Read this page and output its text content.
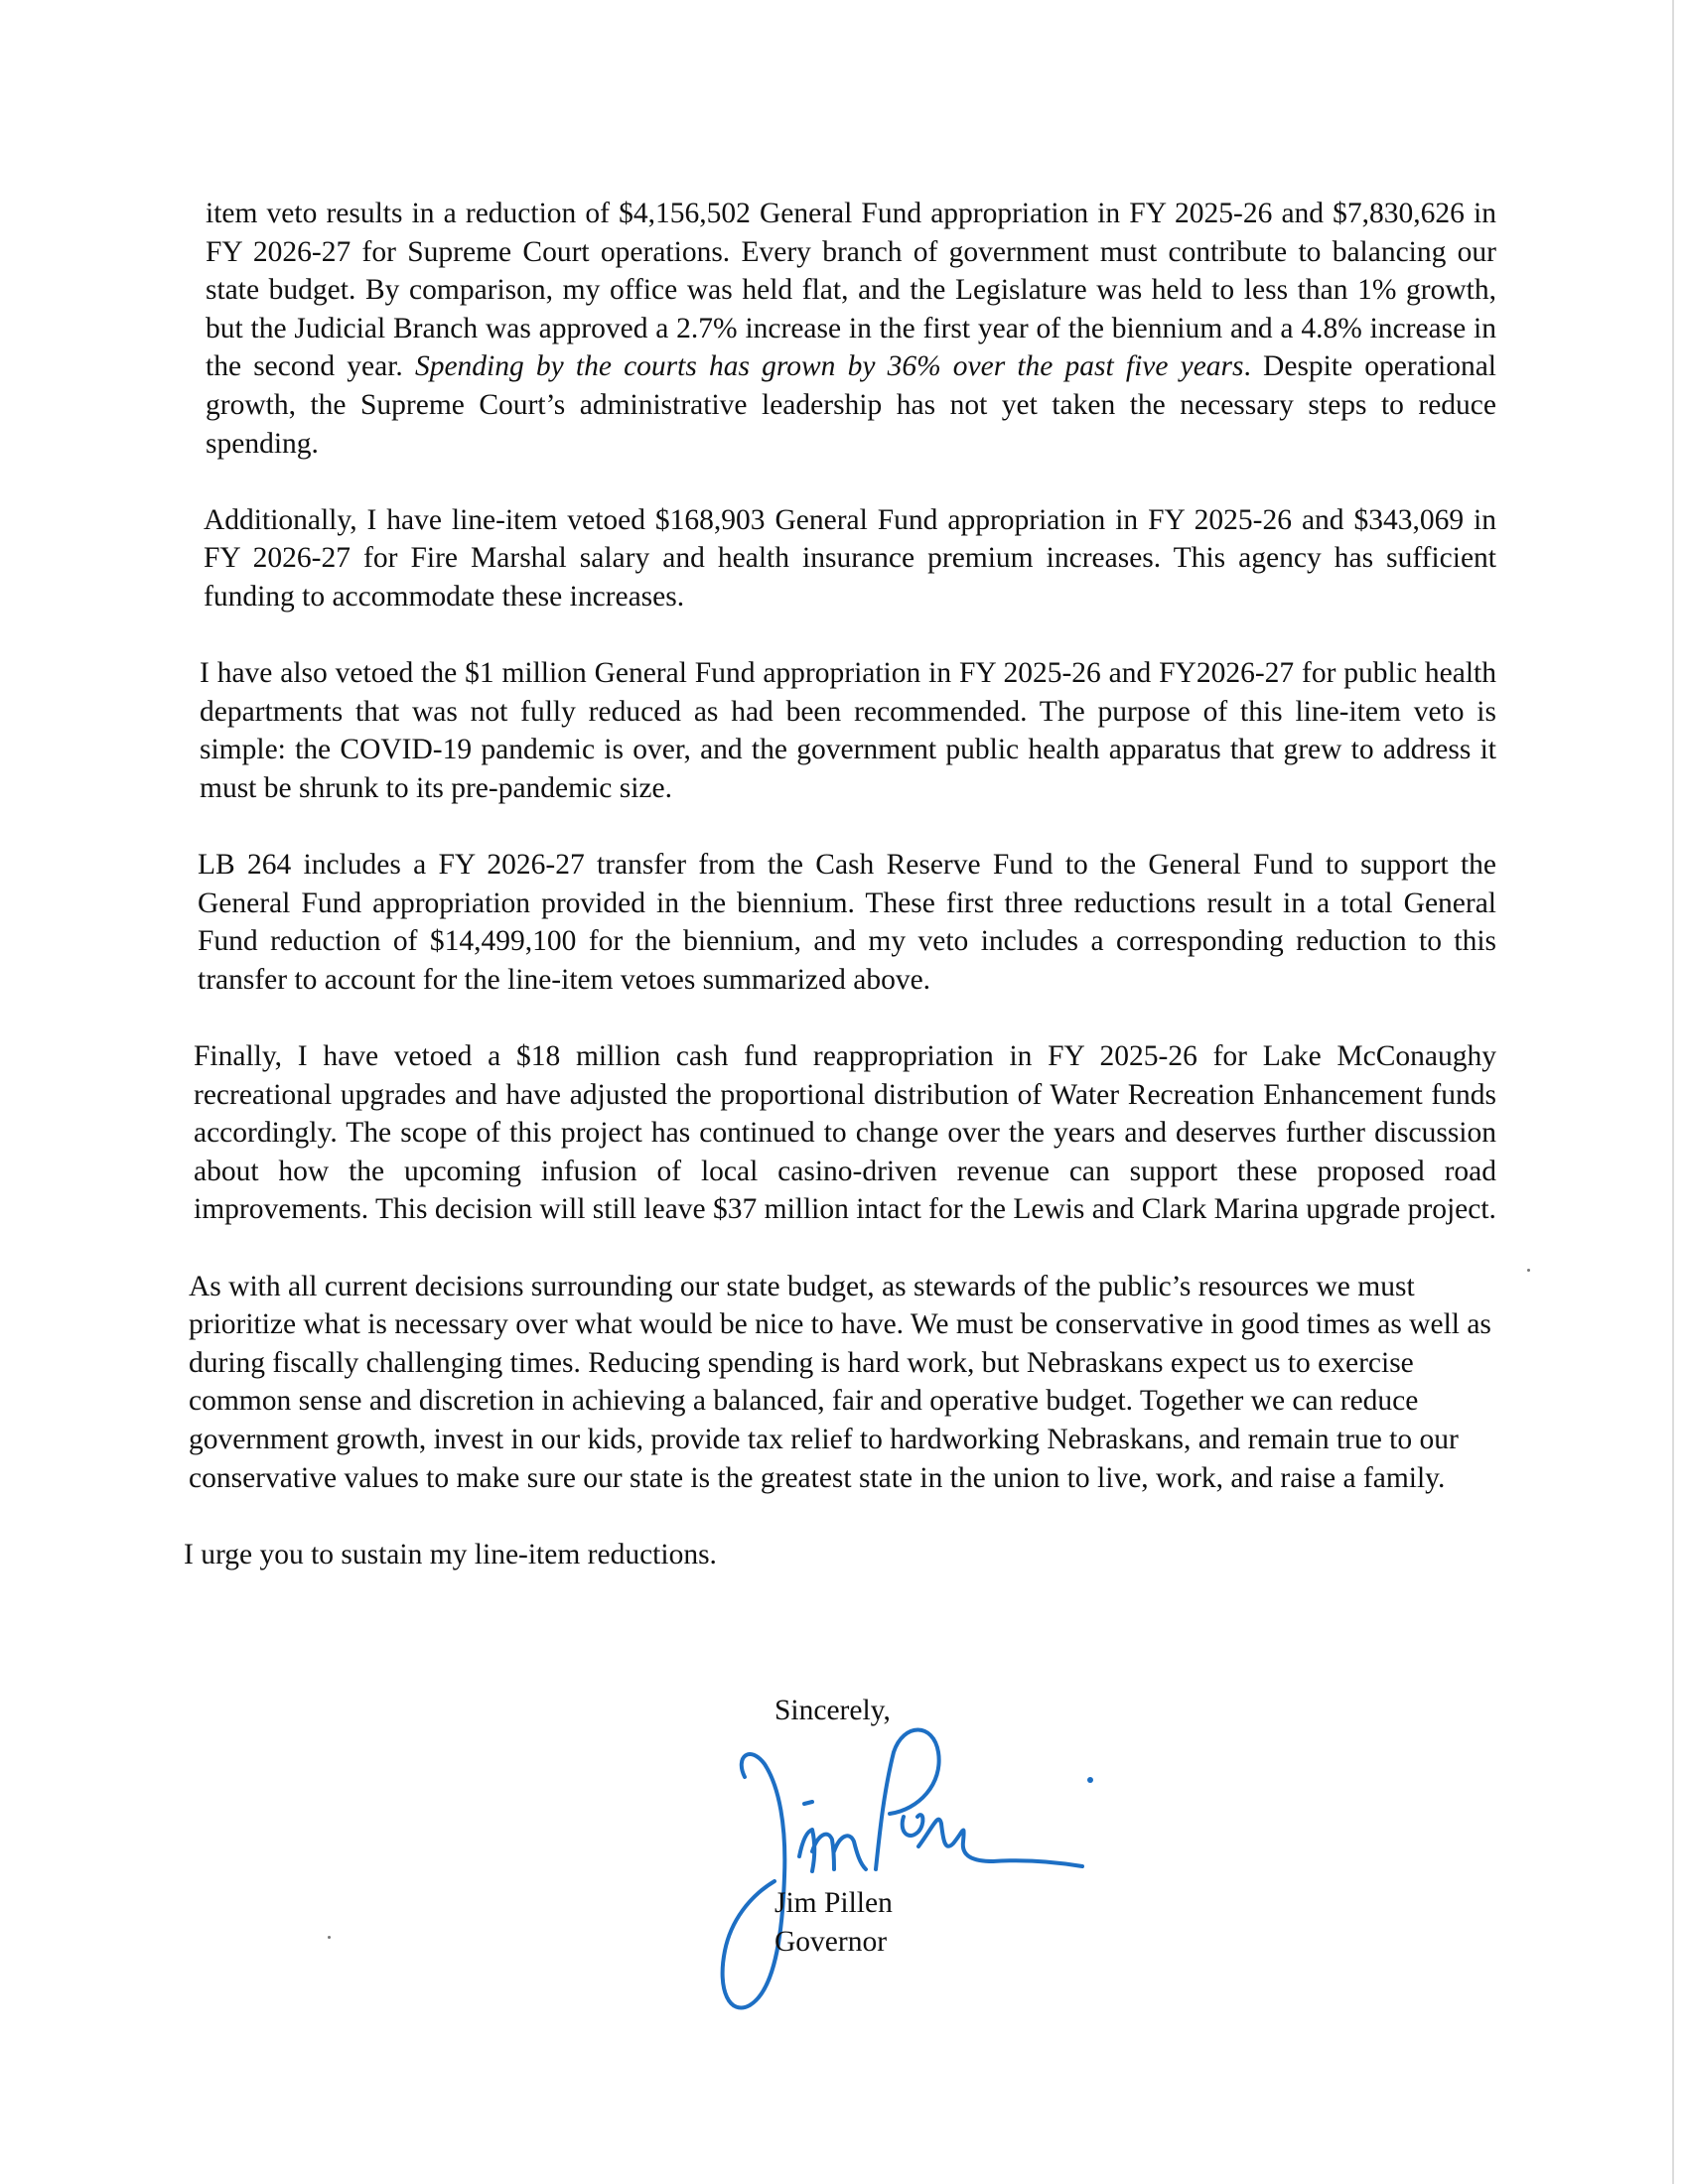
item veto results in a reduction of $4,156,502 General Fund appropriation in FY 2025-26 and $7,830,626 in FY 2026-27 for Supreme Court operations. Every branch of government must contribute to balancing our state budget. By comparison, my office was held flat, and the Legislature was held to less than 1% growth, but the Judicial Branch was approved a 2.7% increase in the first year of the biennium and a 4.8% increase in the second year. Spending by the courts has grown by 36% over the past five years. Despite operational growth, the Supreme Court’s administrative leadership has not yet taken the necessary steps to reduce spending.

Additionally, I have line-item vetoed $168,903 General Fund appropriation in FY 2025-26 and $343,069 in FY 2026-27 for Fire Marshal salary and health insurance premium increases. This agency has sufficient funding to accommodate these increases.

I have also vetoed the $1 million General Fund appropriation in FY 2025-26 and FY2026-27 for public health departments that was not fully reduced as had been recommended. The purpose of this line-item veto is simple: the COVID-19 pandemic is over, and the government public health apparatus that grew to address it must be shrunk to its pre-pandemic size.

LB 264 includes a FY 2026-27 transfer from the Cash Reserve Fund to the General Fund to support the General Fund appropriation provided in the biennium. These first three reductions result in a total General Fund reduction of $14,499,100 for the biennium, and my veto includes a corresponding reduction to this transfer to account for the line-item vetoes summarized above.

Finally, I have vetoed a $18 million cash fund reappropriation in FY 2025-26 for Lake McConaughy recreational upgrades and have adjusted the proportional distribution of Water Recreation Enhancement funds accordingly. The scope of this project has continued to change over the years and deserves further discussion about how the upcoming infusion of local casino-driven revenue can support these proposed road improvements. This decision will still leave $37 million intact for the Lewis and Clark Marina upgrade project.

As with all current decisions surrounding our state budget, as stewards of the public’s resources we must prioritize what is necessary over what would be nice to have. We must be conservative in good times as well as during fiscally challenging times. Reducing spending is hard work, but Nebraskans expect us to exercise common sense and discretion in achieving a balanced, fair and operative budget. Together we can reduce government growth, invest in our kids, provide tax relief to hardworking Nebraskans, and remain true to our conservative values to make sure our state is the greatest state in the union to live, work, and raise a family.

I urge you to sustain my line-item reductions.

Sincerely,
Jim Pillen
Governor
